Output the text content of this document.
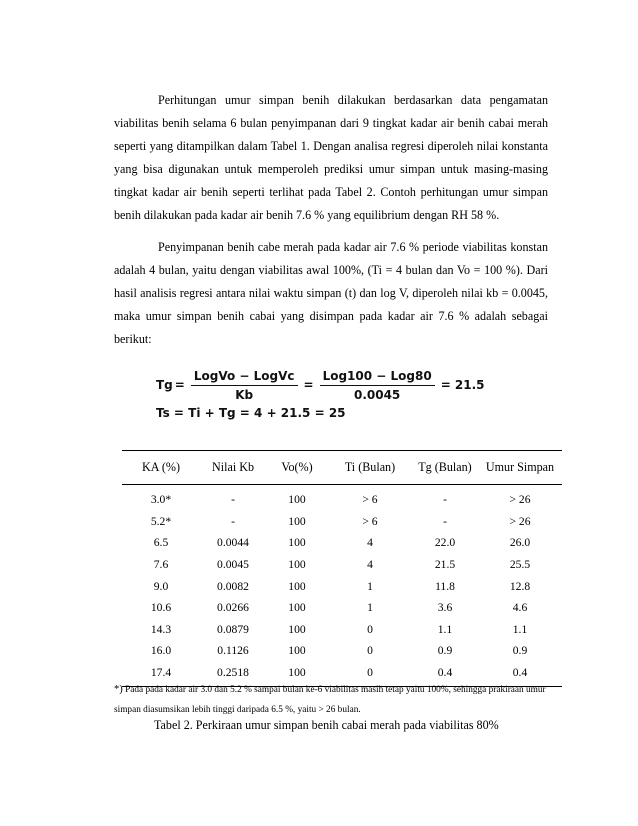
Perhitungan umur simpan benih dilakukan berdasarkan data pengamatan viabilitas benih selama 6 bulan penyimpanan dari 9 tingkat kadar air benih cabai merah seperti yang ditampilkan dalam Tabel 1. Dengan analisa regresi diperoleh nilai konstanta yang bisa digunakan untuk memperoleh prediksi umur simpan untuk masing-masing tingkat kadar air benih seperti terlihat pada Tabel 2. Contoh perhitungan umur simpan benih dilakukan pada kadar air benih 7.6 % yang equilibrium dengan RH 58 %.

Penyimpanan benih cabe merah pada kadar air 7.6 % periode viabilitas konstan adalah 4 bulan, yaitu dengan viabilitas awal 100%, (Ti = 4 bulan dan Vo = 100 %). Dari hasil analisis regresi antara nilai waktu simpan (t) dan log V, diperoleh nilai kb = 0.0045, maka umur simpan benih cabai yang disimpan pada kadar air 7.6 % adalah sebagai berikut:

$Tg = \frac{\text{LogVo − LogVc}}{Kb} = \frac{\text{Log100 − Log80}}{0.0045} = 21.5$
Ts = Ti + Tg = 4 + 21.5 = 25
KA (%)	Nilai Kb	Vo(%)	Ti (Bulan)	Tg (Bulan)	Umur Simpan
3.0*	-	100	> 6	-	> 26
5.2*	-	100	> 6	-	> 26
6.5	0.0044	100	4	22.0	26.0
7.6	0.0045	100	4	21.5	25.5
9.0	0.0082	100	1	11.8	12.8
10.6	0.0266	100	1	3.6	4.6
14.3	0.0879	100	0	1.1	1.1
16.0	0.1126	100	0	0.9	0.9
17.4	0.2518	100	0	0.4	0.4
*) Pada pada kadar air 3.0 dan 5.2 % sampai bulan ke-6 viabilitas masih tetap yaitu 100%, sehingga prakiraan umur simpan diasumsikan lebih tinggi daripada 6.5 %, yaitu > 26 bulan.
Tabel 2. Perkiraan umur simpan benih cabai merah pada viabilitas 80%
